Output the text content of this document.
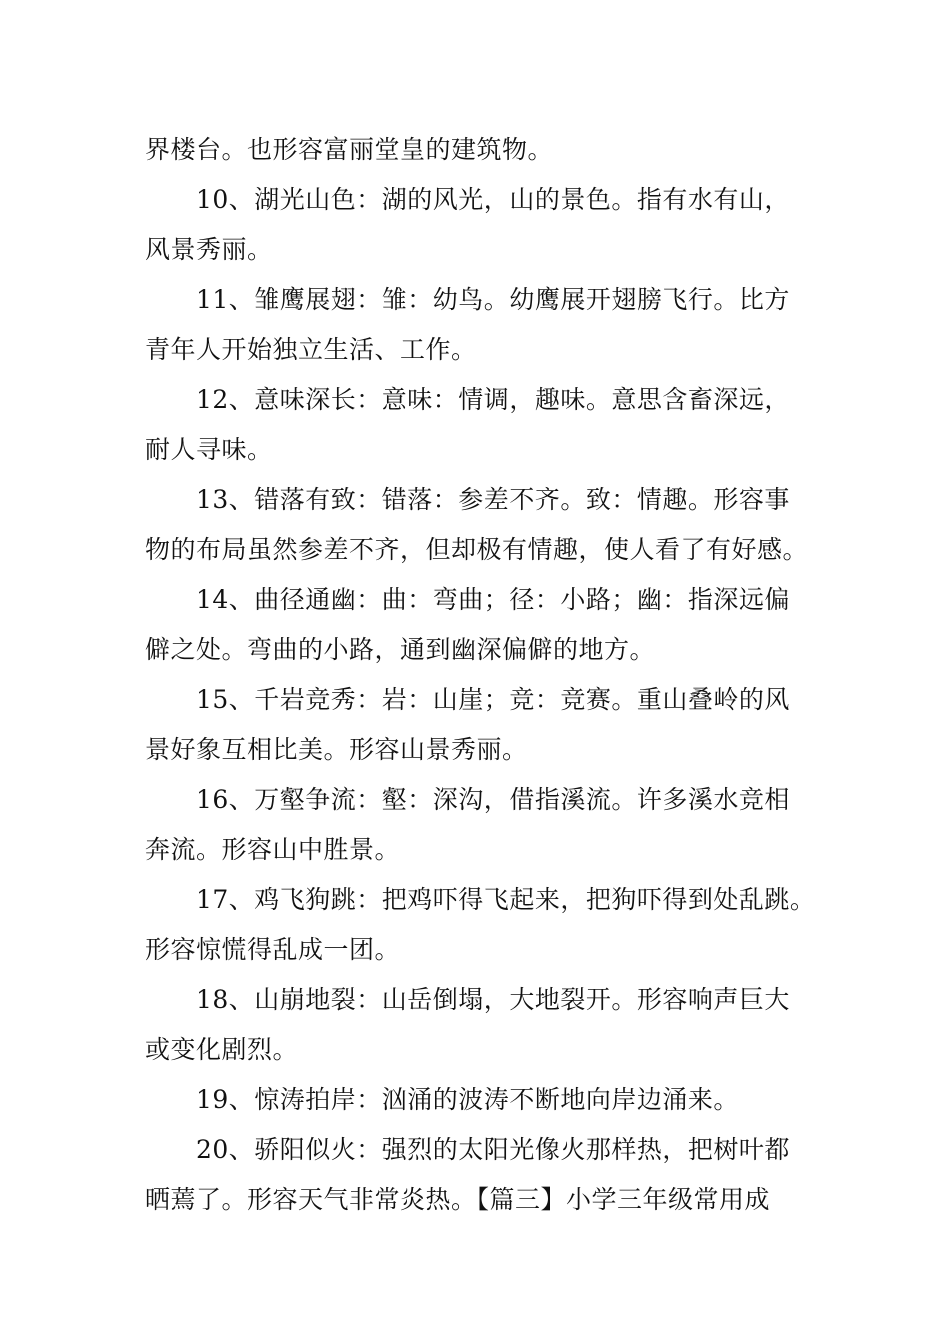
界楼台。也形容富丽堂皇的建筑物。
10、湖光山色：湖的风光，山的景色。指有水有山，
风景秀丽。
11、雏鹰展翅：雏：幼鸟。幼鹰展开翅膀飞行。比方
青年人开始独立生活、工作。
12、意味深长：意味：情调，趣味。意思含畜深远，
耐人寻味。
13、错落有致：错落：参差不齐。致：情趣。形容事
物的布局虽然参差不齐，但却极有情趣，使人看了有好感。
14、曲径通幽：曲：弯曲；径：小路；幽：指深远偏
僻之处。弯曲的小路，通到幽深偏僻的地方。
15、千岩竞秀：岩：山崖；竞：竞赛。重山叠岭的风
景好象互相比美。形容山景秀丽。
16、万壑争流：壑：深沟，借指溪流。许多溪水竞相
奔流。形容山中胜景。
17、鸡飞狗跳：把鸡吓得飞起来，把狗吓得到处乱跳。
形容惊慌得乱成一团。
18、山崩地裂：山岳倒塌，大地裂开。形容响声巨大
或变化剧烈。
19、惊涛拍岸：汹涌的波涛不断地向岸边涌来。
20、骄阳似火：强烈的太阳光像火那样热，把树叶都
晒蔫了。形容天气非常炎热。【篇三】小学三年级常用成
